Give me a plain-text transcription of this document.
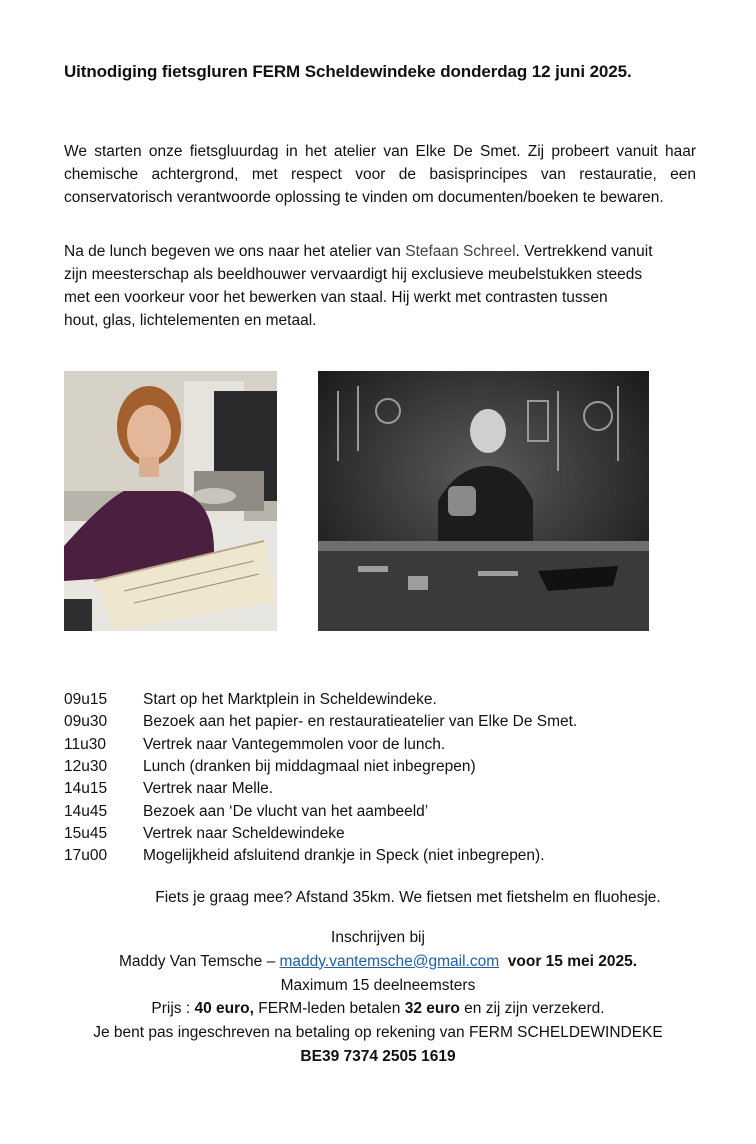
Uitnodiging fietsgluren FERM Scheldewindeke donderdag 12 juni 2025.

We starten onze fietsgluurdag in het atelier van Elke De Smet. Zij probeert vanuit haar chemische achtergrond, met respect voor de basisprincipes van restauratie, een conservatorisch verantwoorde oplossing te vinden om documenten/boeken te bewaren.

Na de lunch begeven we ons naar het atelier van Stefaan Schreel. Vertrekkend vanuit
zijn meesterschap als beeldhouwer vervaardigt hij exclusieve meubelstukken steeds
met een voorkeur voor het bewerken van staal. Hij werkt met contrasten tussen
hout, glas, lichtelementen en metaal.

09u15	Start op het Marktplein in Scheldewindeke.
09u30	Bezoek aan het papier- en restauratieatelier van Elke De Smet.
11u30	Vertrek naar Vantegemmolen voor de lunch.
12u30	Lunch (dranken bij middagmaal niet inbegrepen)
14u15	Vertrek naar Melle.
14u45	Bezoek aan ‘De vlucht van het aambeeld’
15u45	Vertrek naar Scheldewindeke
17u00	Mogelijkheid afsluitend drankje in Speck (niet inbegrepen).
Fiets je graag mee? Afstand 35km. We fietsen met fietshelm en fluohesje.
Inschrijven bij
Maddy Van Temsche – maddy.vantemsche@gmail.com voor 15 mei 2025.
Maximum 15 deelneemsters
Prijs : 40 euro, FERM-leden betalen 32 euro en zij zijn verzekerd.
Je bent pas ingeschreven na betaling op rekening van FERM SCHELDEWINDEKE
BE39 7374 2505 1619
